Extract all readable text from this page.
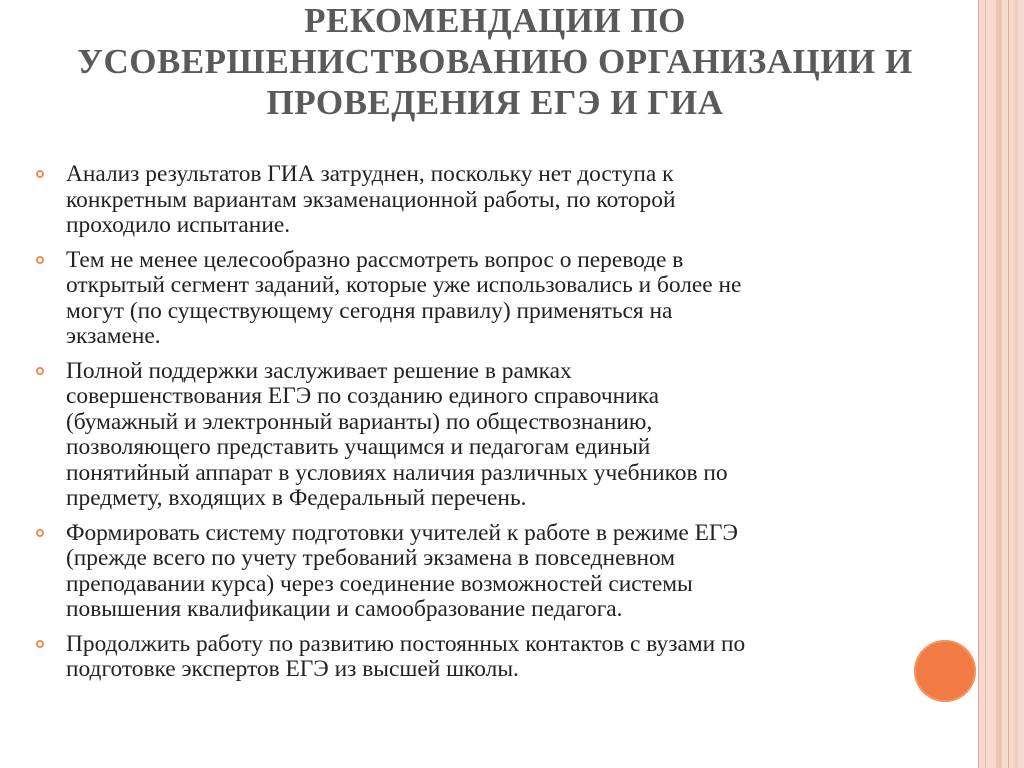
РЕКОМЕНДАЦИИ ПО
УСОВЕРШЕНИСТВОВАНИЮ ОРГАНИЗАЦИИ И
ПРОВЕДЕНИЯ ЕГЭ И ГИА
Анализ результатов ГИА затруднен, поскольку нет доступа к
конкретным вариантам экзаменационной работы, по которой
проходило испытание.
Тем не менее целесообразно рассмотреть вопрос о переводе в
открытый сегмент заданий, которые уже использовались и более не
могут (по существующему сегодня правилу) применяться на
экзамене.
Полной поддержки заслуживает решение в рамках
совершенствования ЕГЭ по созданию единого справочника
(бумажный и электронный варианты) по обществознанию,
позволяющего представить учащимся и педагогам единый
понятийный аппарат в условиях наличия различных учебников по
предмету, входящих в Федеральный перечень.
Формировать систему подготовки учителей к работе в режиме ЕГЭ
(прежде всего по учету требований экзамена в повседневном
преподавании курса) через соединение возможностей системы
повышения квалификации и самообразование педагога.
Продолжить работу по развитию постоянных контактов с вузами по
подготовке экспертов ЕГЭ из высшей школы.
